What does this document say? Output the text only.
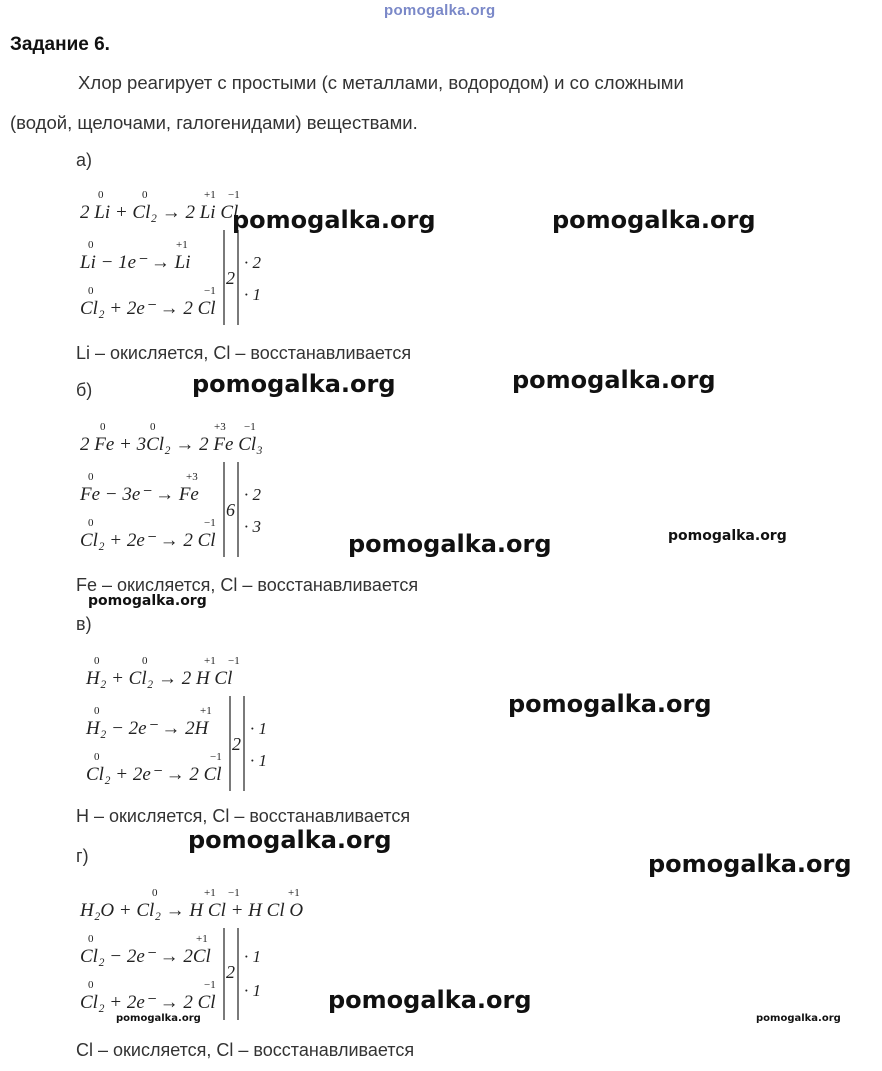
pomogalka.org
Задание 6.
Хлор реагирует с простыми (с металлами, водородом) и со сложными
(водой, щелочами, галогенидами) веществами.
а)
2 Li + Cl₂ → 2 Li Cl
0	0	+1 −1
Li − 1e⁻ → Li
0	+1
Cl₂ + 2e⁻ → 2 Cl
0	−1
2
· 2
· 1
Li – окисляется, Cl – восстанавливается
б)
2 Fe + 3Cl₂ → 2 Fe Cl₃
0	0	+3 −1
Fe − 3e⁻ → Fe
0	+3
Cl₂ + 2e⁻ → 2 Cl
0	−1
6
· 2
· 3
Fe – окисляется, Cl – восстанавливается
в)
H₂ + Cl₂ → 2 H Cl
0	0	+1 −1
H₂ − 2e⁻ → 2H
0	+1
Cl₂ + 2e⁻ → 2 Cl
0	−1
2
· 1
· 1
H – окисляется, Cl – восстанавливается
г)
H₂O + Cl₂ → H Cl + H Cl O
0	+1 −1	+1
Cl₂ − 2e⁻ → 2Cl
0	+1
Cl₂ + 2e⁻ → 2 Cl
0	−1
2
· 1
· 1
Cl – окисляется, Cl – восстанавливается
pomogalka.org	pomogalka.org
pomogalka.org	pomogalka.org
pomogalka.org	pomogalka.org
pomogalka.org
pomogalka.org
pomogalka.org
pomogalka.org
pomogalka.org
pomogalka.org	pomogalka.org
